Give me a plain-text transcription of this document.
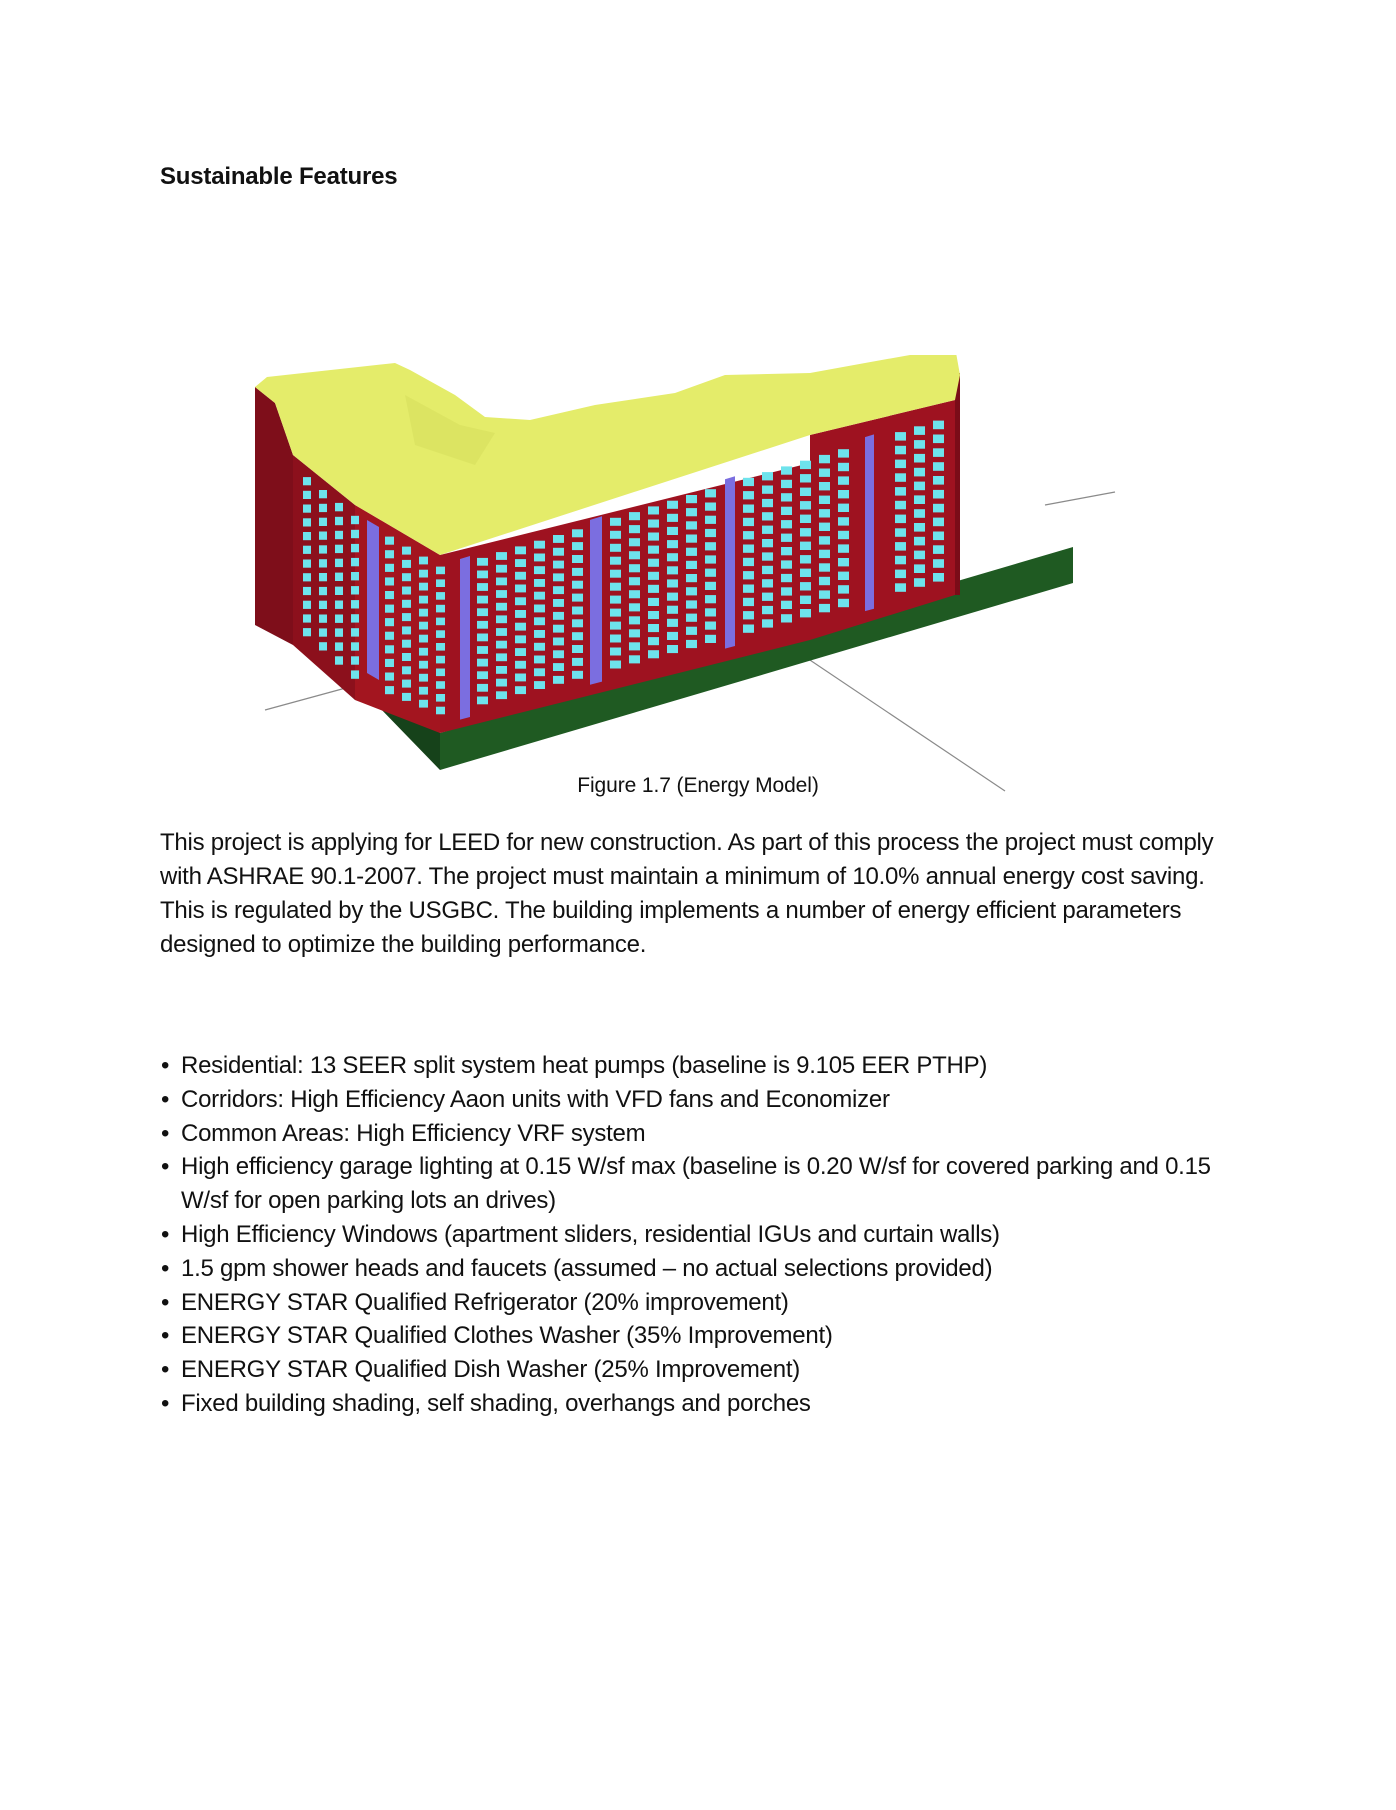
Sustainable Features
Figure 1.7 (Energy Model)

This project is applying for LEED for new construction. As part of this process the project must comply with ASHRAE 90.1-2007. The project must maintain a minimum of 10.0% annual energy cost saving. This is regulated by the USGBC. The building implements a number of energy efficient parameters designed to optimize the building performance.

• Residential: 13 SEER split system heat pumps (baseline is 9.105 EER PTHP)
• Corridors: High Efficiency Aaon units with VFD fans and Economizer
• Common Areas: High Efficiency VRF system
• High efficiency garage lighting at 0.15 W/sf max (baseline is 0.20 W/sf for covered parking and 0.15 W/sf for open parking lots an drives)
• High Efficiency Windows (apartment sliders, residential IGUs and curtain walls)
• 1.5 gpm shower heads and faucets (assumed – no actual selections provided)
• ENERGY STAR Qualified Refrigerator (20% improvement)
• ENERGY STAR Qualified Clothes Washer (35% Improvement)
• ENERGY STAR Qualified Dish Washer (25% Improvement)
• Fixed building shading, self shading, overhangs and porches
